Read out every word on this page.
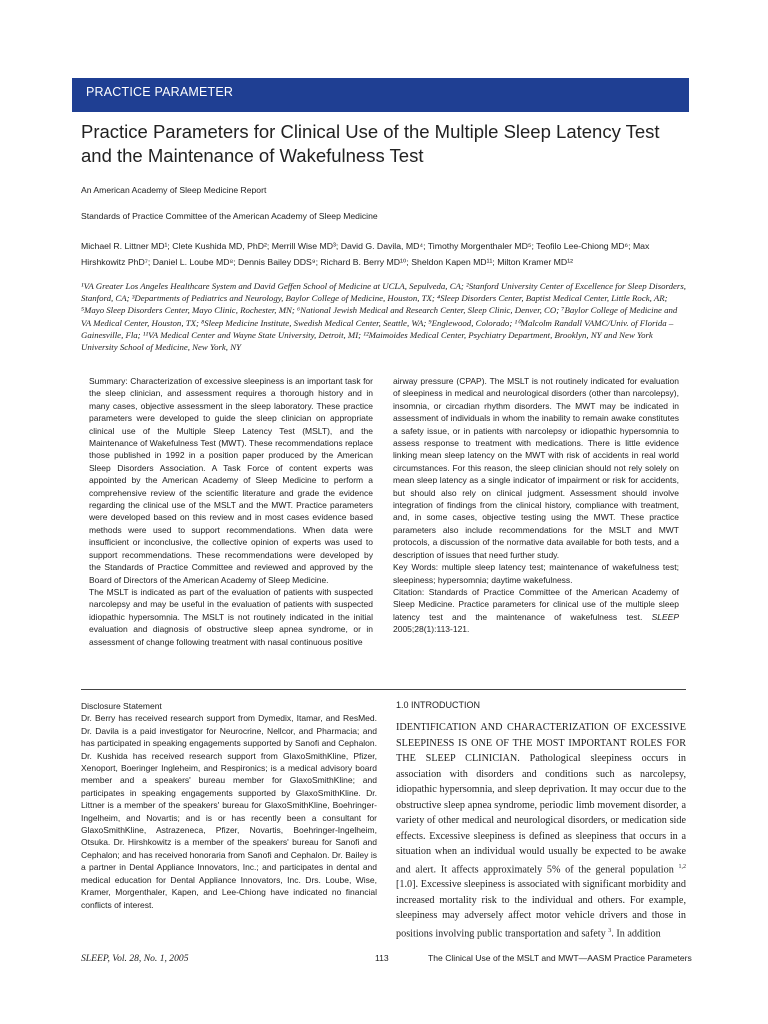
PRACTICE PARAMETER
Practice Parameters for Clinical Use of the Multiple Sleep Latency Test and the Maintenance of Wakefulness Test
An American Academy of Sleep Medicine Report
Standards of Practice Committee of the American Academy of Sleep Medicine
Michael R. Littner MD¹; Clete Kushida MD, PhD²; Merrill Wise MD³; David G. Davila, MD⁴; Timothy Morgenthaler MD⁵; Teofilo Lee-Chiong MD⁶; Max Hirshkowitz PhD⁷; Daniel L. Loube MD⁸; Dennis Bailey DDS⁹; Richard B. Berry MD¹⁰; Sheldon Kapen MD¹¹; Milton Kramer MD¹²
¹VA Greater Los Angeles Healthcare System and David Geffen School of Medicine at UCLA, Sepulveda, CA; ²Stanford University Center of Excellence for Sleep Disorders, Stanford, CA; ³Departments of Pediatrics and Neurology, Baylor College of Medicine, Houston, TX; ⁴Sleep Disorders Center, Baptist Medical Center, Little Rock, AR; ⁵Mayo Sleep Disorders Center, Mayo Clinic, Rochester, MN; ⁶National Jewish Medical and Research Center, Sleep Clinic, Denver, CO; ⁷Baylor College of Medicine and VA Medical Center, Houston, TX; ⁸Sleep Medicine Institute, Swedish Medical Center, Seattle, WA; ⁹Englewood, Colorado; ¹⁰Malcolm Randall VAMC/Univ. of Florida – Gainesville, Fla; ¹¹VA Medical Center and Wayne State University, Detroit, MI; ¹²Maimoides Medical Center, Psychiatry Department, Brooklyn, NY and New York University School of Medicine, New York, NY

Summary: Characterization of excessive sleepiness is an important task for the sleep clinician, and assessment requires a thorough history and in many cases, objective assessment in the sleep laboratory. These practice parameters were developed to guide the sleep clinician on appropriate clinical use of the Multiple Sleep Latency Test (MSLT), and the Maintenance of Wakefulness Test (MWT). These recommendations replace those published in 1992 in a position paper produced by the American Sleep Disorders Association. A Task Force of content experts was appointed by the American Academy of Sleep Medicine to perform a comprehensive review of the scientific literature and grade the evidence regarding the clinical use of the MSLT and the MWT. Practice parameters were developed based on this review and in most cases evidence based methods were used to support recommendations. When data were insufficient or inconclusive, the collective opinion of experts was used to support recommendations. These recommendations were developed by the Standards of Practice Committee and reviewed and approved by the Board of Directors of the American Academy of Sleep Medicine.

The MSLT is indicated as part of the evaluation of patients with suspected narcolepsy and may be useful in the evaluation of patients with suspected idiopathic hypersomnia. The MSLT is not routinely indicated in the initial evaluation and diagnosis of obstructive sleep apnea syndrome, or in assessment of change following treatment with nasal continuous positive

airway pressure (CPAP). The MSLT is not routinely indicated for evaluation of sleepiness in medical and neurological disorders (other than narcolepsy), insomnia, or circadian rhythm disorders. The MWT may be indicated in assessment of individuals in whom the inability to remain awake constitutes a safety issue, or in patients with narcolepsy or idiopathic hypersomnia to assess response to treatment with medications. There is little evidence linking mean sleep latency on the MWT with risk of accidents in real world circumstances. For this reason, the sleep clinician should not rely solely on mean sleep latency as a single indicator of impairment or risk for accidents, but should also rely on clinical judgment. Assessment should involve integration of findings from the clinical history, compliance with treatment, and, in some cases, objective testing using the MWT. These practice parameters also include recommendations for the MSLT and MWT protocols, a discussion of the normative data available for both tests, and a description of issues that need further study.

Key Words: multiple sleep latency test; maintenance of wakefulness test; sleepiness; hypersomnia; daytime wakefulness.

Citation: Standards of Practice Committee of the American Academy of Sleep Medicine. Practice parameters for clinical use of the multiple sleep latency test and the maintenance of wakefulness test. SLEEP 2005;28(1):113-121.

Disclosure Statement

Dr. Berry has received research support from Dymedix, Itamar, and ResMed. Dr. Davila is a paid investigator for Neurocrine, Nellcor, and Pharmacia; and has participated in speaking engagements supported by Sanofi and Cephalon. Dr. Kushida has received research support from GlaxoSmithKline, Pfizer, Xenoport, Boeringer Ingleheim, and Respironics; is a medical advisory board member and a speakers' bureau member for GlaxoSmithKline; and participates in speaking engagements supported by GlaxoSmithKline. Dr. Littner is a member of the speakers' bureau for GlaxoSmithKline, Boehringer-Ingelheim, and Novartis; and is or has recently been a consultant for GlaxoSmithKline, Astrazeneca, Pfizer, Novartis, Boehringer-Ingelheim, Otsuka. Dr. Hirshkowitz is a member of the speakers' bureau for Sanofi and Cephalon; and has received honoraria from Sanofi and Cephalon. Dr. Bailey is a partner in Dental Appliance Innovators, Inc.; and participates in dental and medical education for Dental Appliance Innovators, Inc. Drs. Loube, Wise, Kramer, Morgenthaler, Kapen, and Lee-Chiong have indicated no financial conflicts of interest.

1.0 INTRODUCTION

IDENTIFICATION AND CHARACTERIZATION OF EXCESSIVE SLEEPINESS IS ONE OF THE MOST IMPORTANT ROLES FOR THE SLEEP CLINICIAN. Pathological sleepiness occurs in association with disorders and conditions such as narcolepsy, idiopathic hypersomnia, and sleep deprivation. It may occur due to the obstructive sleep apnea syndrome, periodic limb movement disorder, a variety of other medical and neurological disorders, or medication side effects. Excessive sleepiness is defined as sleepiness that occurs in a situation when an individual would usually be expected to be awake and alert. It affects approximately 5% of the general population $^{1,2}$ [1.0]. Excessive sleepiness is associated with significant morbidity and increased mortality risk to the individual and others. For example, sleepiness may adversely affect motor vehicle drivers and those in positions involving public transportation and safety $^3$. In addition

SLEEP, Vol. 28, No. 1, 2005	113	The Clinical Use of the MSLT and MWT—AASM Practice Parameters
